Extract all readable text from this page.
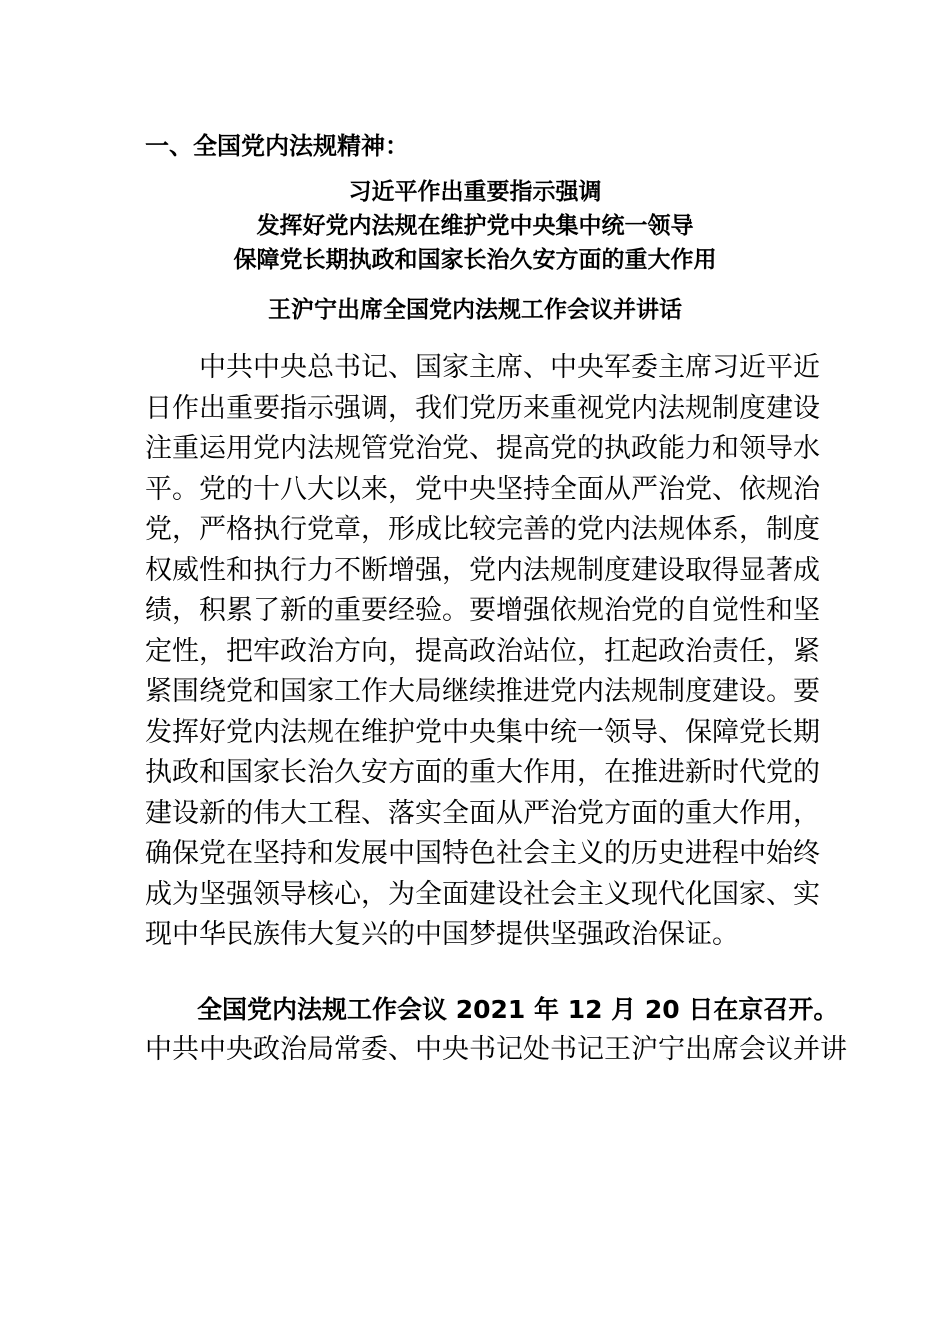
一、全国党内法规精神：
习近平作出重要指示强调
发挥好党内法规在维护党中央集中统一领导
保障党长期执政和国家长治久安方面的重大作用
王沪宁出席全国党内法规工作会议并讲话
中共中央总书记、国家主席、中央军委主席习近平近
日作出重要指示强调，我们党历来重视党内法规制度建设
注重运用党内法规管党治党、提高党的执政能力和领导水
平。党的十八大以来，党中央坚持全面从严治党、依规治
党，严格执行党章，形成比较完善的党内法规体系，制度
权威性和执行力不断增强，党内法规制度建设取得显著成
绩，积累了新的重要经验。要增强依规治党的自觉性和坚
定性，把牢政治方向，提高政治站位，扛起政治责任，紧
紧围绕党和国家工作大局继续推进党内法规制度建设。要
发挥好党内法规在维护党中央集中统一领导、保障党长期
执政和国家长治久安方面的重大作用，在推进新时代党的
建设新的伟大工程、落实全面从严治党方面的重大作用，
确保党在坚持和发展中国特色社会主义的历史进程中始终
成为坚强领导核心，为全面建设社会主义现代化国家、实
现中华民族伟大复兴的中国梦提供坚强政治保证。
全国党内法规工作会议 2021 年 12 月 20 日在京召开。
中共中央政治局常委、中央书记处书记王沪宁出席会议并讲
